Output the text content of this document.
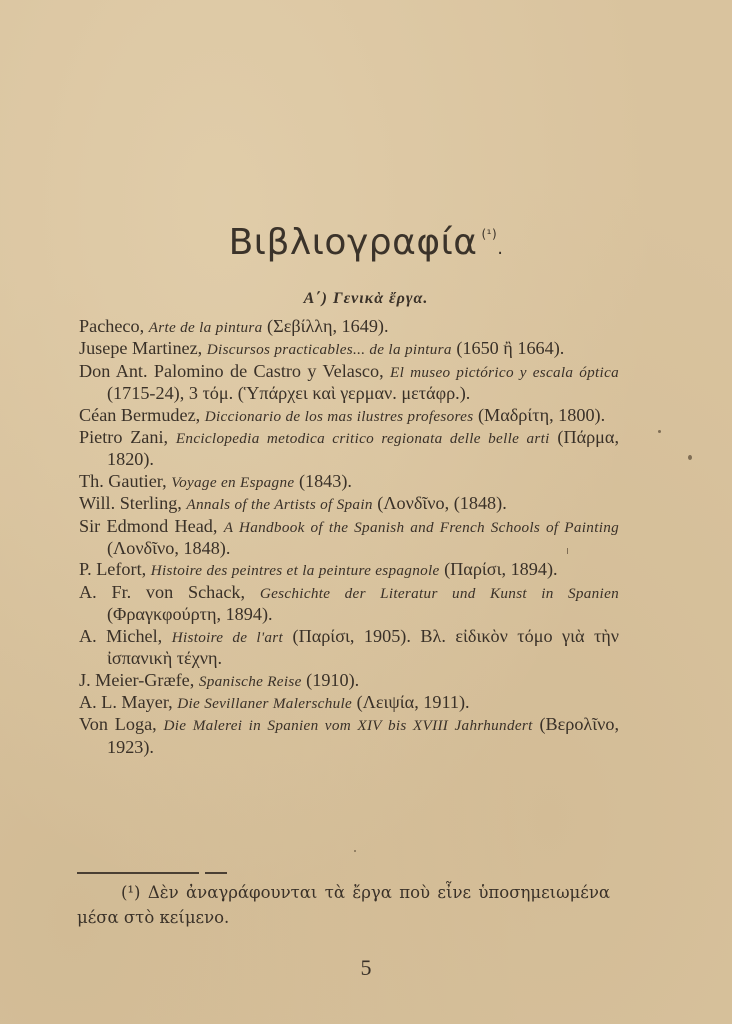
Βιβλιογραφία $^{(^1)}$.
Α΄) Γενικὰ ἔργα.

Pacheco, Arte de la pintura (Σεβίλλη, 1649).

Jusepe Martinez, Discursos practicables... de la pintura (1650 ἢ 1664).

Don Ant. Palomino de Castro y Velasco, El museo pictórico y escala óptica (1715-24), 3 τόμ. (Ὑπάρχει καὶ γερμαν. μετάφρ.).

Céan Bermudez, Diccionario de los mas ilustres profesores (Μαδρίτη, 1800).

Pietro Zani, Enciclopedia metodica critico regionata delle belle arti (Πάρμα, 1820).

Th. Gautier, Voyage en Espagne (1843).

Will. Sterling, Annals of the Artists of Spain (Λονδῖνο, (1848).

Sir Edmond Head, A Handbook of the Spanish and French Schools of Painting (Λονδῖνο, 1848).

P. Lefort, Histoire des peintres et la peinture espagnole (Παρίσι, 1894).

A. Fr. von Schack, Geschichte der Literatur und Kunst in Spanien (Φραγκφούρτη, 1894).

A. Michel, Histoire de l'art (Παρίσι, 1905). Βλ. εἰδικὸν τόμο γιὰ τὴν ἰσπανικὴ τέχνη.

J. Meier-Græfe, Spanische Reise (1910).

A. L. Mayer, Die Sevillaner Malerschule (Λειψία, 1911).

Von Loga, Die Malerei in Spanien vom XIV bis XVIII Jahrhundert (Βερολῖνο, 1923).

(¹) Δὲν ἀναγράφουνται τὰ ἔργα ποὺ εἶνε ὑποσημειωμένα μέσα στὸ κείμενο.
5
